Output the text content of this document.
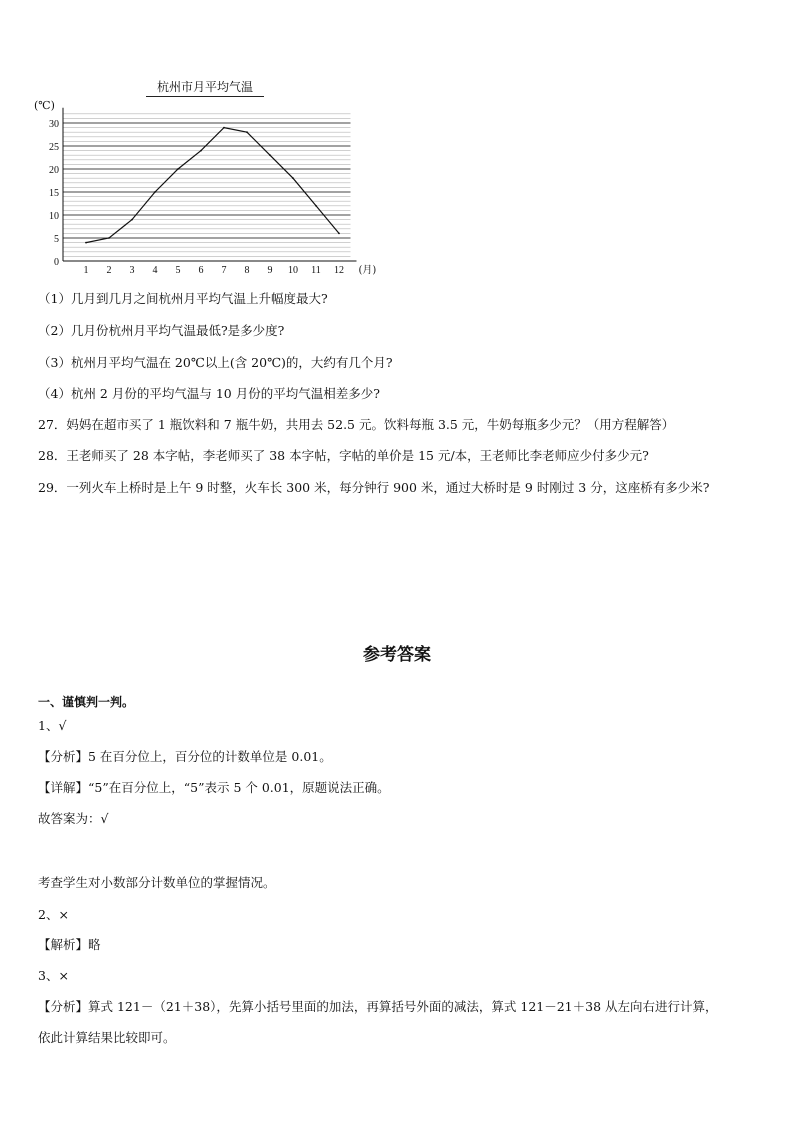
杭州市月平均气温
0
5
10
15
20
25
30
1 2 3 4 5 6 7 8 9 10 11 12
(℃)
(月)
（1）几月到几月之间杭州月平均气温上升幅度最大?
（2）几月份杭州月平均气温最低?是多少度?
（3）杭州月平均气温在 20℃以上(含 20℃)的，大约有几个月?
（4）杭州 2 月份的平均气温与 10 月份的平均气温相差多少?
27．妈妈在超市买了 1 瓶饮料和 7 瓶牛奶，共用去 52.5 元。饮料每瓶 3.5 元，牛奶每瓶多少元？（用方程解答）
28．王老师买了 28 本字帖，李老师买了 38 本字帖，字帖的单价是 15 元/本，王老师比李老师应少付多少元?
29．一列火车上桥时是上午 9 时整，火车长 300 米，每分钟行 900 米，通过大桥时是 9 时刚过 3 分，这座桥有多少米?
参考答案
一、谨慎判一判。
1、√
【分析】5 在百分位上，百分位的计数单位是 0.01。
【详解】“5”在百分位上，“5”表示 5 个 0.01，原题说法正确。
故答案为：√
考查学生对小数部分计数单位的掌握情况。
2、×
【解析】略
3、×
【分析】算式 121－（21＋38），先算小括号里面的加法，再算括号外面的减法，算式 121－21＋38 从左向右进行计算，
依此计算结果比较即可。
